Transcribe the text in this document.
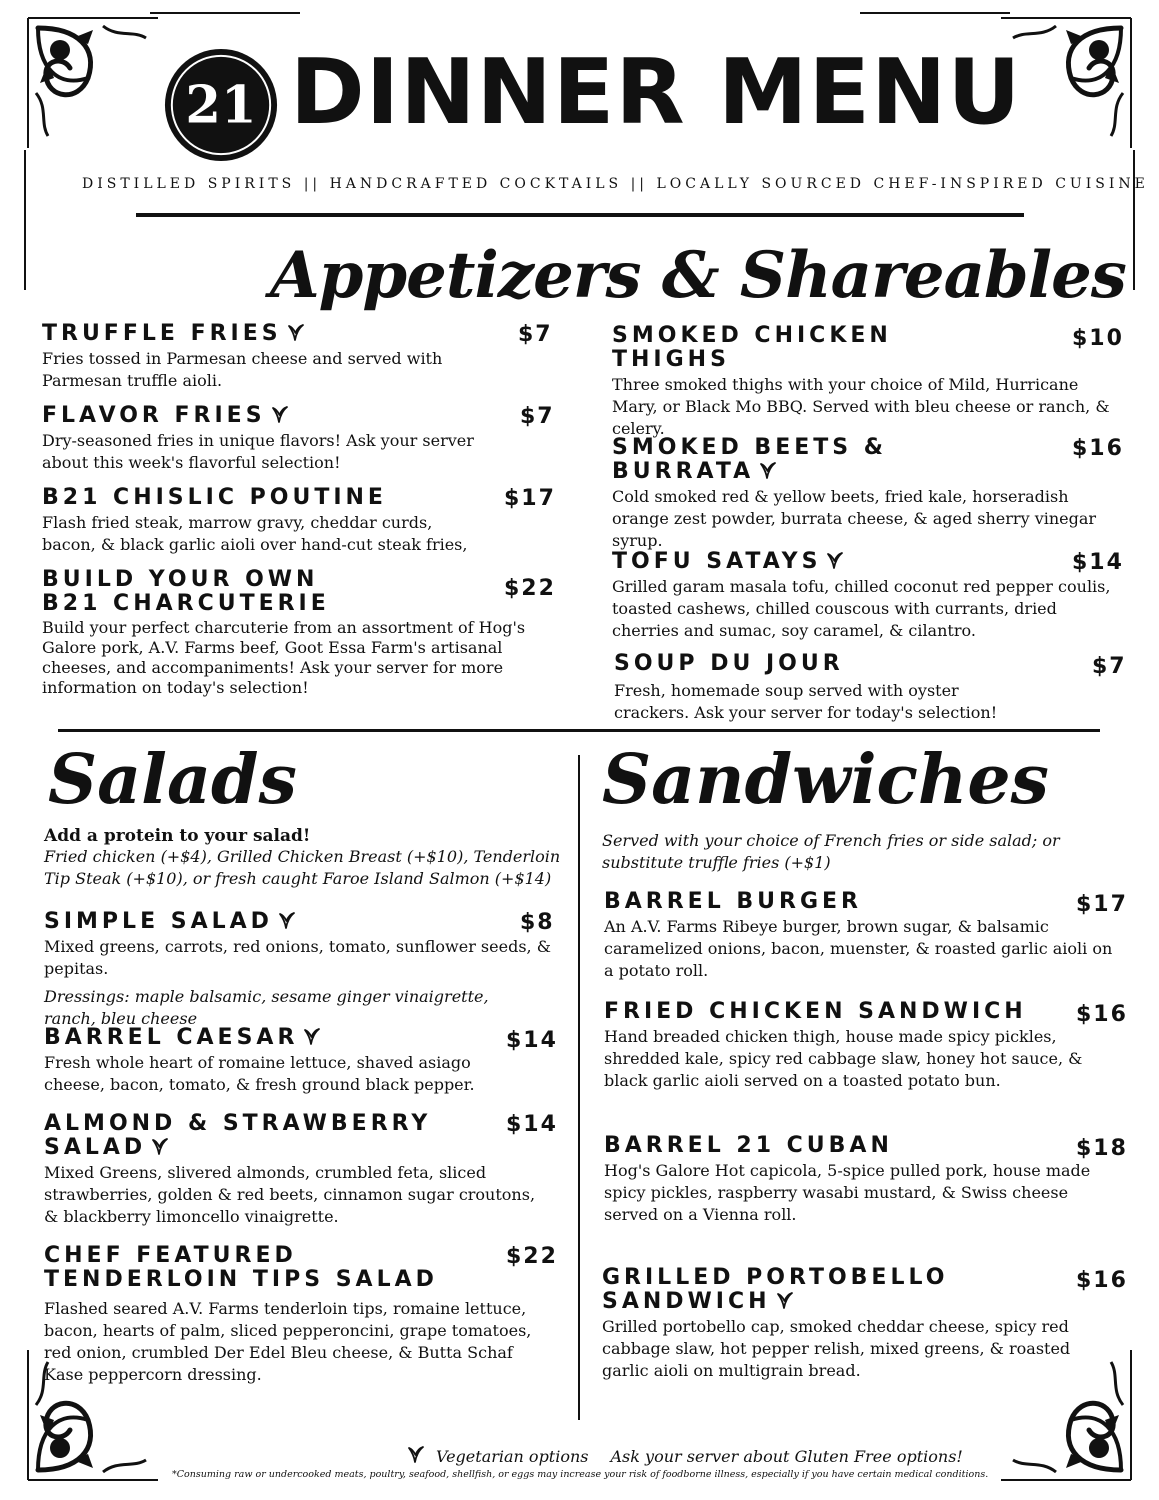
21 DINNER MENU
DISTILLED SPIRITS || HANDCRAFTED COCKTAILS || LOCALLY SOURCED CHEF-INSPIRED CUISINE
Appetizers & Shareables
TRUFFLE FRIES	$7
Fries tossed in Parmesan cheese and served with Parmesan truffle aioli.
FLAVOR FRIES	$7
Dry-seasoned fries in unique flavors! Ask your server about this week's flavorful selection!
B21 CHISLIC POUTINE	$17
Flash fried steak, marrow gravy, cheddar curds, bacon, & black garlic aioli over hand-cut steak fries,
BUILD YOUR OWN B21 CHARCUTERIE
$22
Build your perfect charcuterie from an assortment of Hog's Galore pork, A.V. Farms beef, Goot Essa Farm's artisanal cheeses, and accompaniments! Ask your server for more information on today's selection!
SMOKED CHICKEN THIGHS
$10
Three smoked thighs with your choice of Mild, Hurricane Mary, or Black Mo BBQ. Served with bleu cheese or ranch, & celery.
SMOKED BEETS & BURRATA
$16
Cold smoked red & yellow beets, fried kale, horseradish orange zest powder, burrata cheese, & aged sherry vinegar syrup.
TOFU SATAYS	$14
Grilled garam masala tofu, chilled coconut red pepper coulis, toasted cashews, chilled couscous with currants, dried cherries and sumac, soy caramel, & cilantro.
SOUP DU JOUR	$7
Fresh, homemade soup served with oyster crackers. Ask your server for today's selection!
Salads
Add a protein to your salad!
Fried chicken (+$4), Grilled Chicken Breast (+$10), Tenderloin Tip Steak (+$10), or fresh caught Faroe Island Salmon (+$14)
SIMPLE SALAD	$8
Mixed greens, carrots, red onions, tomato, sunflower seeds, & pepitas.
Dressings: maple balsamic, sesame ginger vinaigrette, ranch, bleu cheese
BARREL CAESAR	$14
Fresh whole heart of romaine lettuce, shaved asiago cheese, bacon, tomato, & fresh ground black pepper.
ALMOND & STRAWBERRY SALAD
$14
Mixed Greens, slivered almonds, crumbled feta, sliced strawberries, golden & red beets, cinnamon sugar croutons, & blackberry limoncello vinaigrette.
CHEF FEATURED TENDERLOIN TIPS SALAD
$22
Flashed seared A.V. Farms tenderloin tips, romaine lettuce, bacon, hearts of palm, sliced pepperoncini, grape tomatoes, red onion, crumbled Der Edel Bleu cheese, & Butta Schaf Kase peppercorn dressing.
Sandwiches
Served with your choice of French fries or side salad; or substitute truffle fries (+$1)
BARREL BURGER	$17
An A.V. Farms Ribeye burger, brown sugar, & balsamic caramelized onions, bacon, muenster, & roasted garlic aioli on a potato roll.
FRIED CHICKEN SANDWICH	$16
Hand breaded chicken thigh, house made spicy pickles, shredded kale, spicy red cabbage slaw, honey hot sauce, & black garlic aioli served on a toasted potato bun.
BARREL 21 CUBAN	$18
Hog's Galore Hot capicola, 5-spice pulled pork, house made spicy pickles, raspberry wasabi mustard, & Swiss cheese served on a Vienna roll.
GRILLED PORTOBELLO SANDWICH
$16
Grilled portobello cap, smoked cheddar cheese, spicy red cabbage slaw, hot pepper relish, mixed greens, & roasted garlic aioli on multigrain bread.
Vegetarian options Ask your server about Gluten Free options!
*Consuming raw or undercooked meats, poultry, seafood, shellfish, or eggs may increase your risk of foodborne illness, especially if you have certain medical conditions.
